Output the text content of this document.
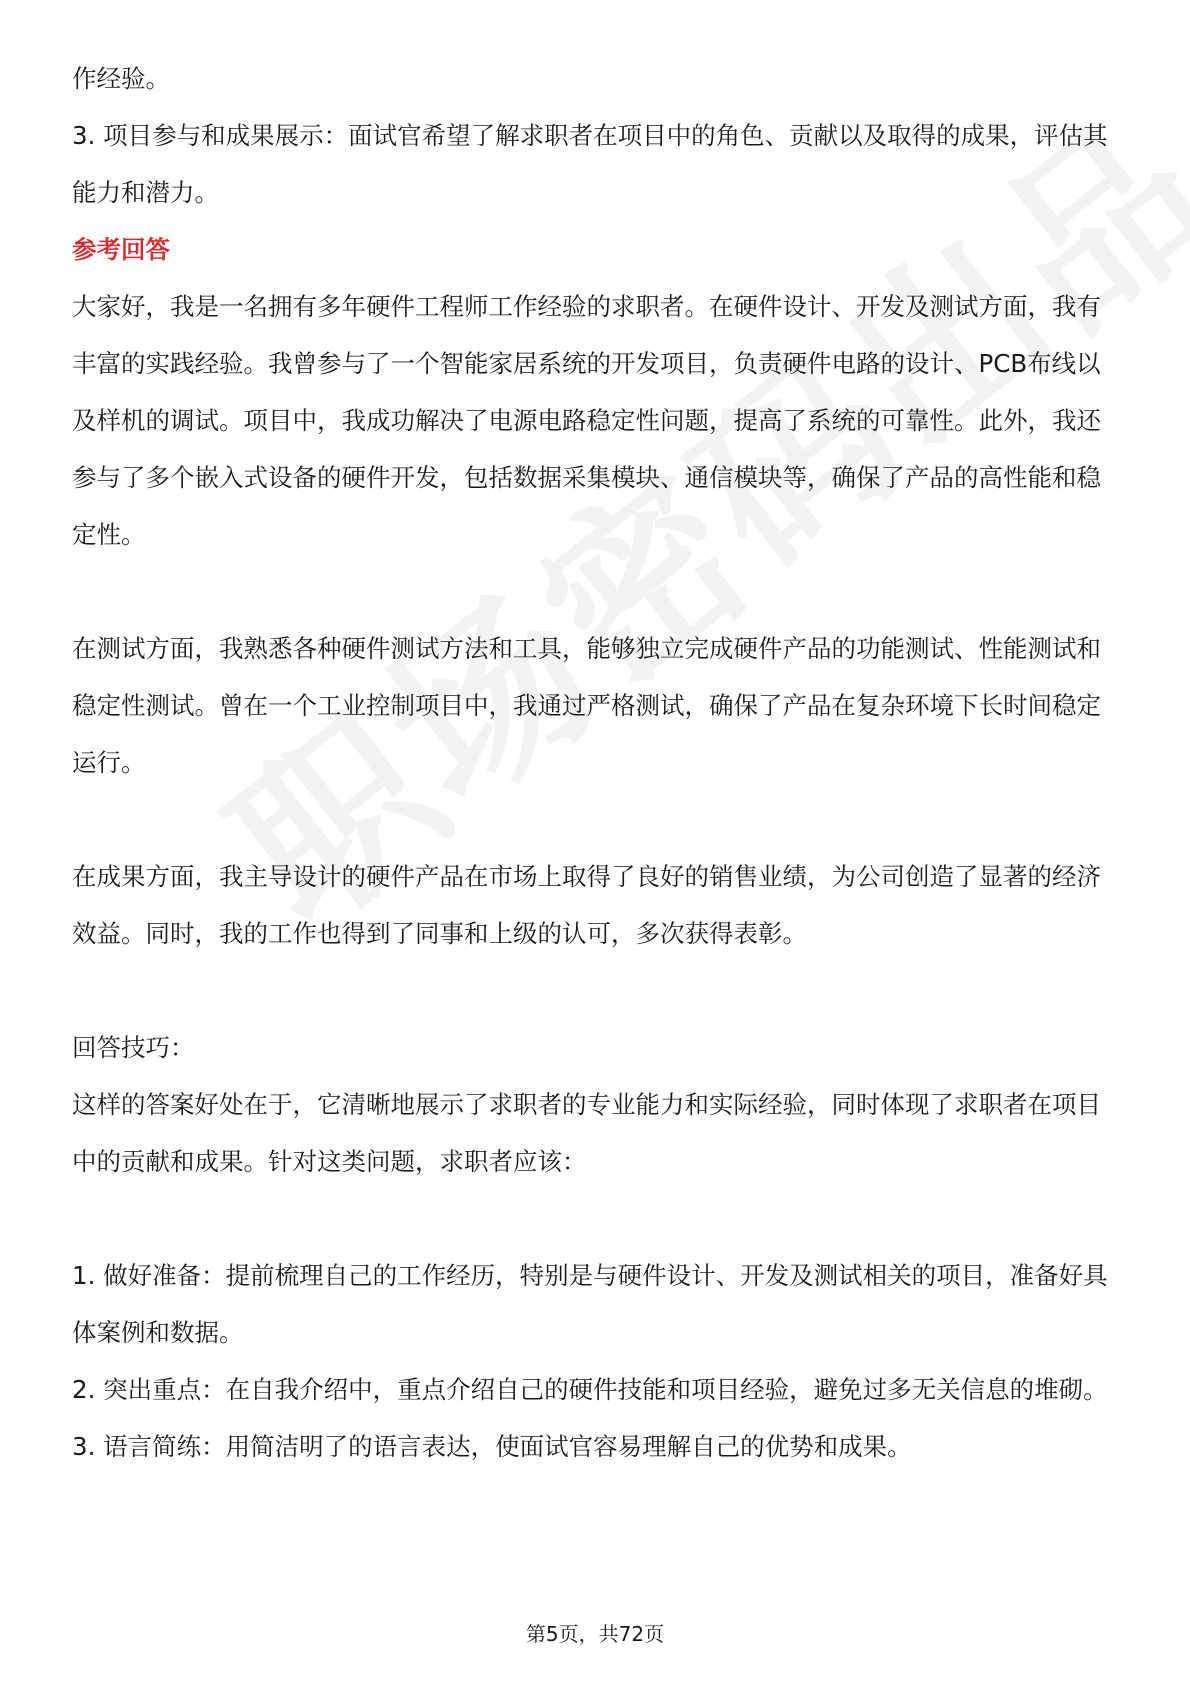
作经验。

3. 项目参与和成果展示：面试官希望了解求职者在项目中的角色、贡献以及取得的成果，评估其能力和潜力。

参考回答

大家好，我是一名拥有多年硬件工程师工作经验的求职者。在硬件设计、开发及测试方面，我有丰富的实践经验。我曾参与了一个智能家居系统的开发项目，负责硬件电路的设计、PCB布线以及样机的调试。项目中，我成功解决了电源电路稳定性问题，提高了系统的可靠性。此外，我还参与了多个嵌入式设备的硬件开发，包括数据采集模块、通信模块等，确保了产品的高性能和稳定性。

在测试方面，我熟悉各种硬件测试方法和工具，能够独立完成硬件产品的功能测试、性能测试和稳定性测试。曾在一个工业控制项目中，我通过严格测试，确保了产品在复杂环境下长时间稳定运行。

在成果方面，我主导设计的硬件产品在市场上取得了良好的销售业绩，为公司创造了显著的经济效益。同时，我的工作也得到了同事和上级的认可，多次获得表彰。

回答技巧：

这样的答案好处在于，它清晰地展示了求职者的专业能力和实际经验，同时体现了求职者在项目中的贡献和成果。针对这类问题，求职者应该：

1. 做好准备：提前梳理自己的工作经历，特别是与硬件设计、开发及测试相关的项目，准备好具体案例和数据。

2. 突出重点：在自我介绍中，重点介绍自己的硬件技能和项目经验，避免过多无关信息的堆砌。

3. 语言简练：用简洁明了的语言表达，使面试官容易理解自己的优势和成果。

第5页，共72页
